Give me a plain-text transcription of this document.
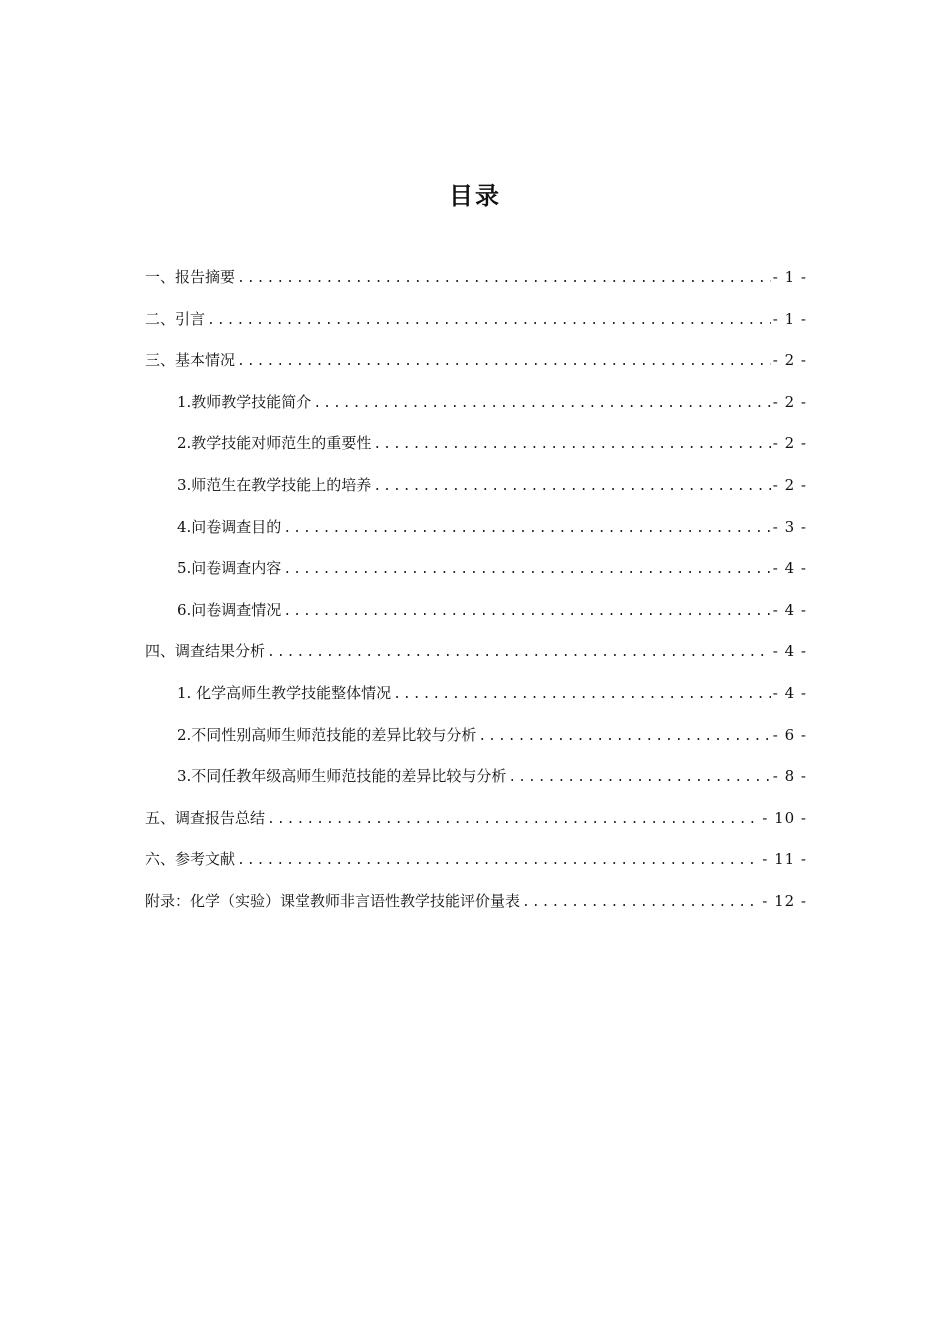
目录
一、报告摘要 .....	- 1 -
二、引言 .....	- 1 -
三、基本情况 .....	- 2 -
1.教师教学技能简介 .....	- 2 -
2.教学技能对师范生的重要性 .....	- 2 -
3.师范生在教学技能上的培养 .....	- 2 -
4.问卷调查目的 .....	- 3 -
5.问卷调查内容 .....	- 4 -
6.问卷调查情况 .....	- 4 -
四、调查结果分析 .....	- 4 -
1. 化学高师生教学技能整体情况 .....	- 4 -
2.不同性别高师生师范技能的差异比较与分析 .....	- 6 -
3.不同任教年级高师生师范技能的差异比较与分析 .....	- 8 -
五、调查报告总结 .....	- 10 -
六、参考文献 .....	- 11 -
附录：化学（实验）课堂教师非言语性教学技能评价量表 .....	- 12 -
